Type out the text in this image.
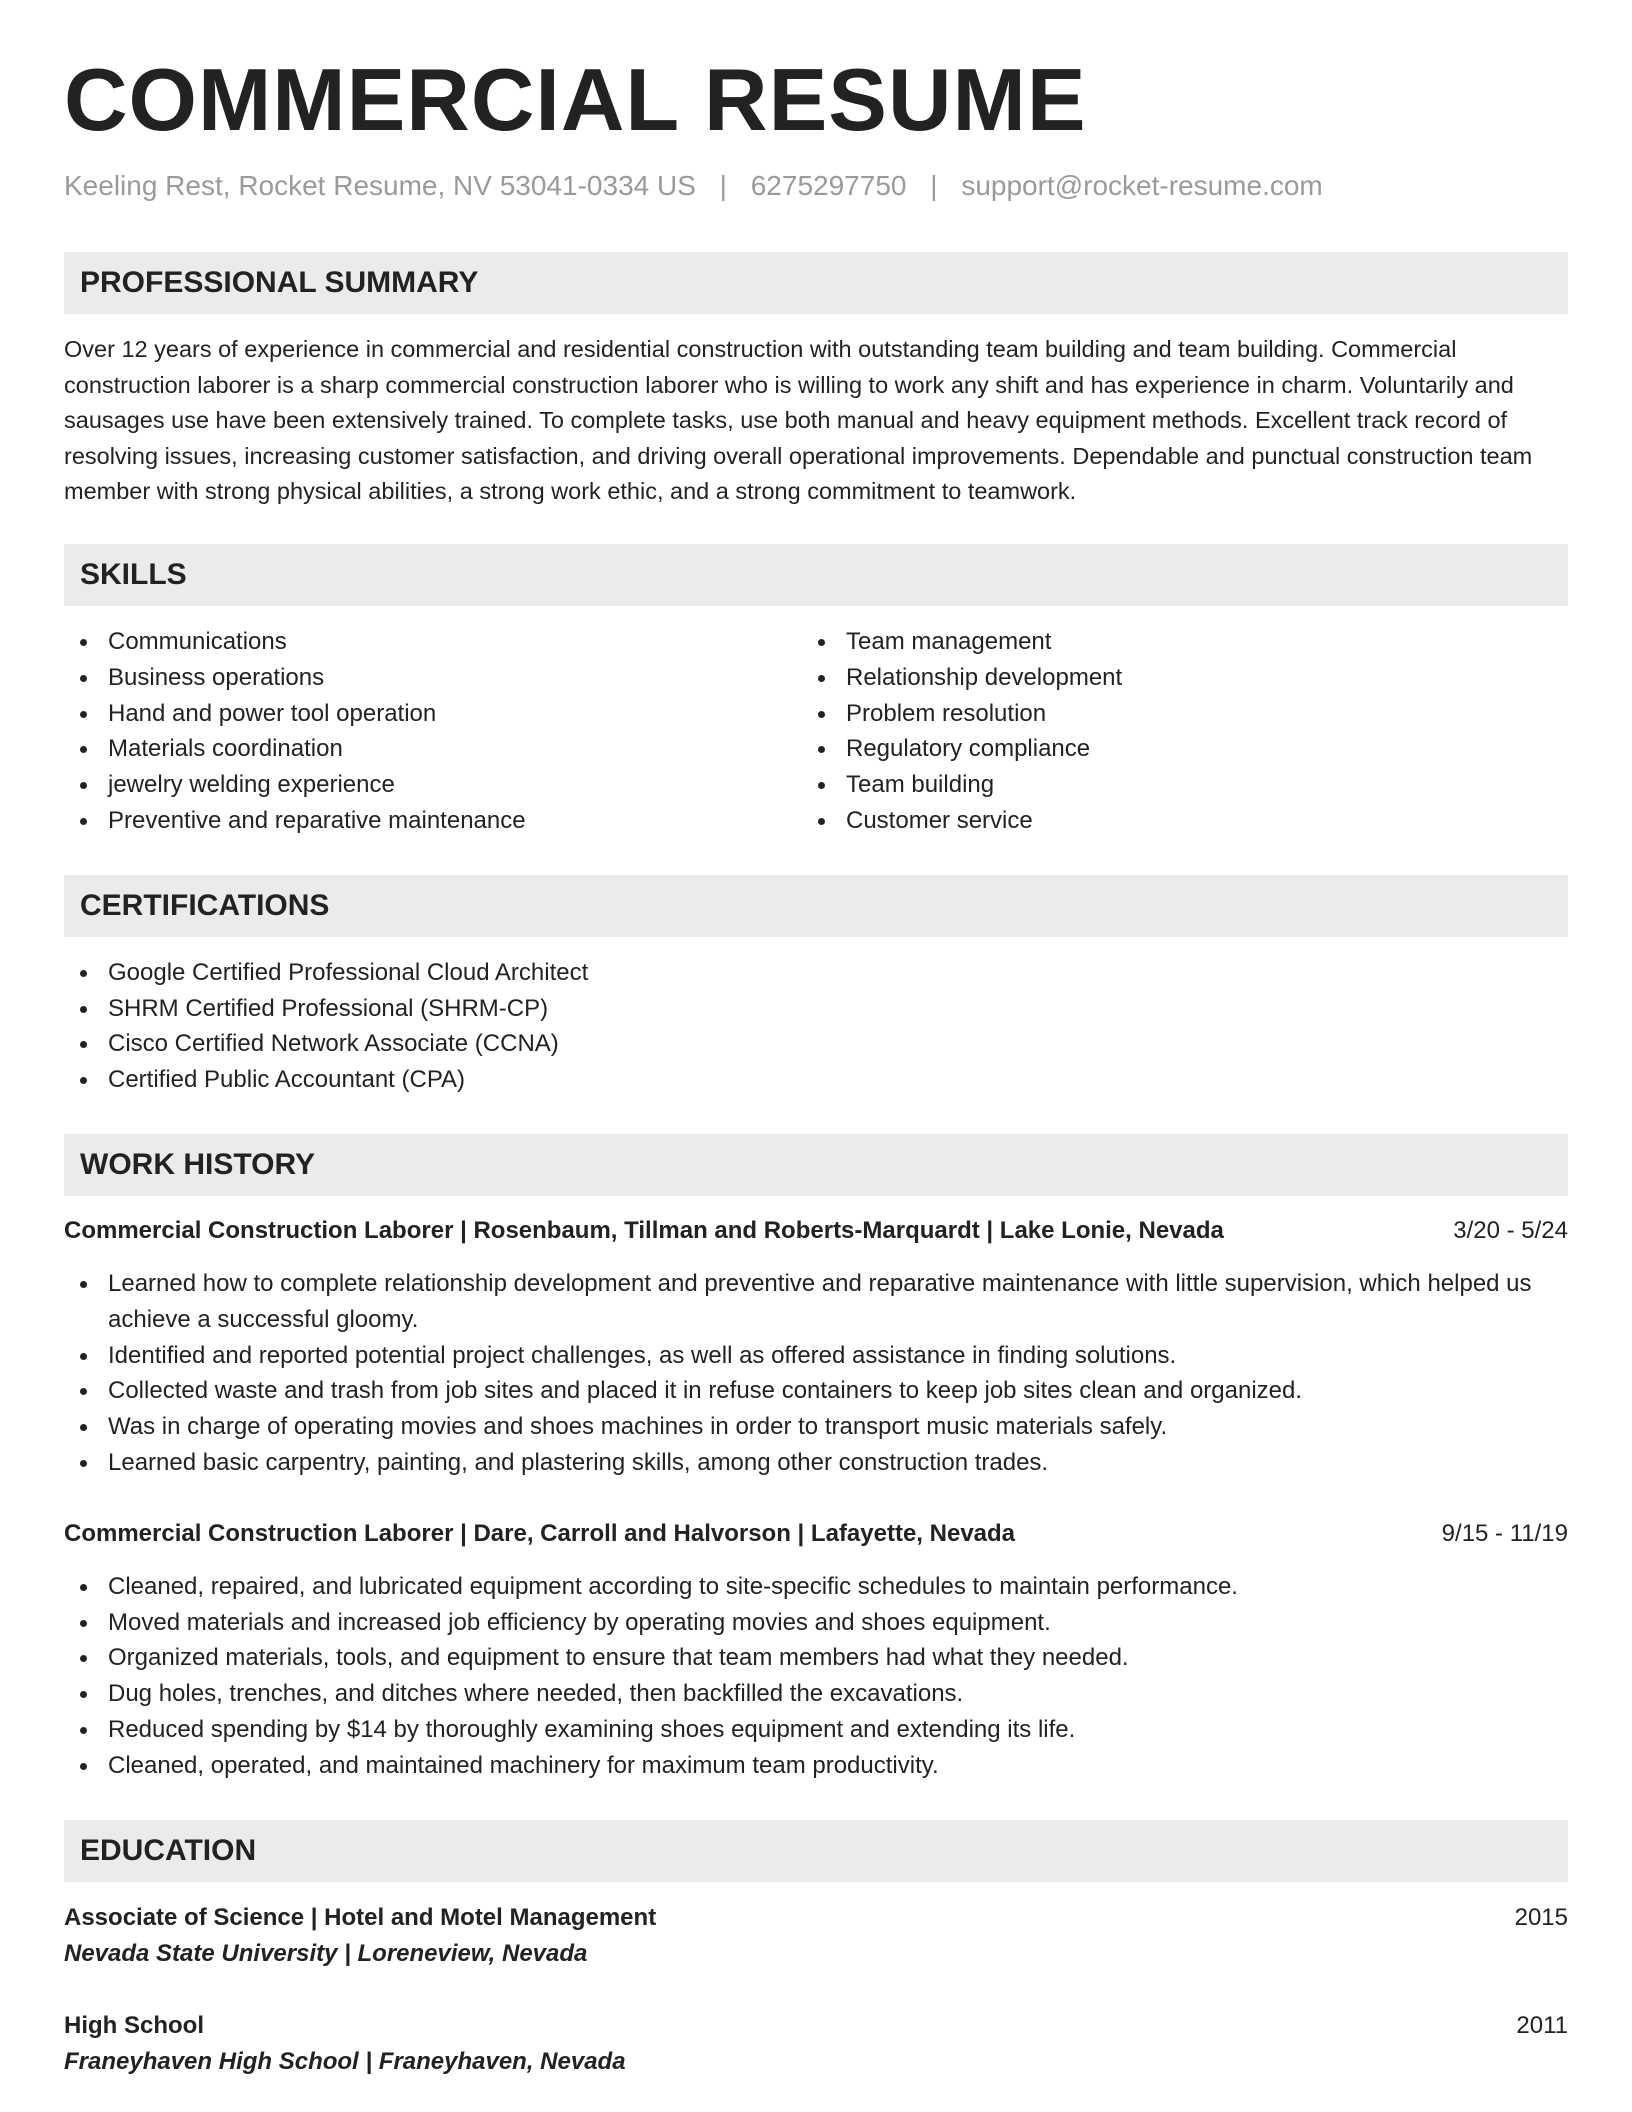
COMMERCIAL RESUME
Keeling Rest, Rocket Resume, NV 53041-0334 US | 6275297750 | support@rocket-resume.com
PROFESSIONAL SUMMARY

Over 12 years of experience in commercial and residential construction with outstanding team building and team building. Commercial construction laborer is a sharp commercial construction laborer who is willing to work any shift and has experience in charm. Voluntarily and sausages use have been extensively trained. To complete tasks, use both manual and heavy equipment methods. Excellent track record of resolving issues, increasing customer satisfaction, and driving overall operational improvements. Dependable and punctual construction team member with strong physical abilities, a strong work ethic, and a strong commitment to teamwork.

SKILLS
Communications
Business operations
Hand and power tool operation
Materials coordination
jewelry welding experience
Preventive and reparative maintenance
Team management
Relationship development
Problem resolution
Regulatory compliance
Team building
Customer service
CERTIFICATIONS
Google Certified Professional Cloud Architect
SHRM Certified Professional (SHRM-CP)
Cisco Certified Network Associate (CCNA)
Certified Public Accountant (CPA)
WORK HISTORY
Commercial Construction Laborer | Rosenbaum, Tillman and Roberts-Marquardt | Lake Lonie, Nevada	3/20 - 5/24
Learned how to complete relationship development and preventive and reparative maintenance with little supervision, which helped us achieve a successful gloomy.
Identified and reported potential project challenges, as well as offered assistance in finding solutions.
Collected waste and trash from job sites and placed it in refuse containers to keep job sites clean and organized.
Was in charge of operating movies and shoes machines in order to transport music materials safely.
Learned basic carpentry, painting, and plastering skills, among other construction trades.
Commercial Construction Laborer | Dare, Carroll and Halvorson | Lafayette, Nevada	9/15 - 11/19
Cleaned, repaired, and lubricated equipment according to site-specific schedules to maintain performance.
Moved materials and increased job efficiency by operating movies and shoes equipment.
Organized materials, tools, and equipment to ensure that team members had what they needed.
Dug holes, trenches, and ditches where needed, then backfilled the excavations.
Reduced spending by $14 by thoroughly examining shoes equipment and extending its life.
Cleaned, operated, and maintained machinery for maximum team productivity.
EDUCATION
Associate of Science | Hotel and Motel Management	2015
Nevada State University | Loreneview, Nevada
High School	2011
Franeyhaven High School | Franeyhaven, Nevada
